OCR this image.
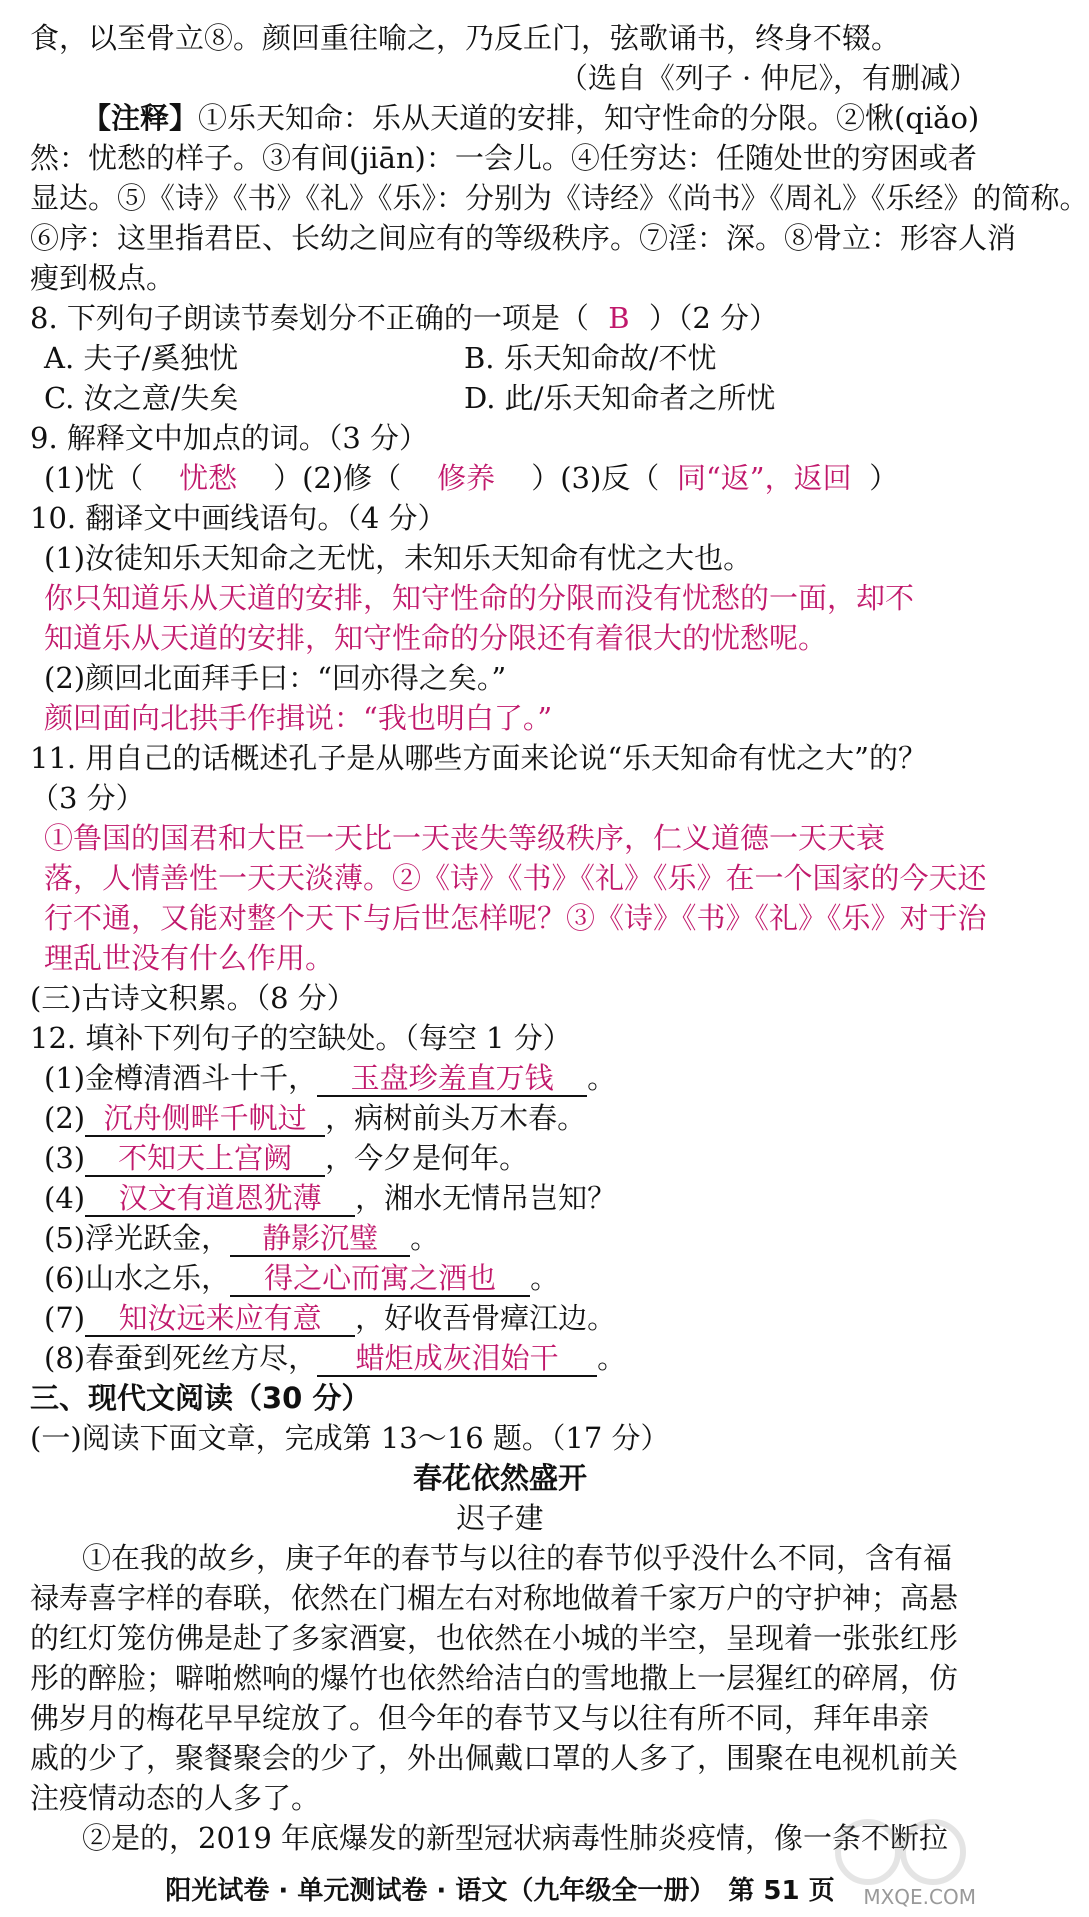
食，以至骨立⑧。颜回重往喻之，乃反丘门，弦歌诵书，终身不辍。
（选自《列子 · 仲尼》，有删减）
【注释】①乐天知命：乐从天道的安排，知守性命的分限。②愀(qiǎo)
然：忧愁的样子。③有间(jiān)：一会儿。④任穷达：任随处世的穷困或者
显达。⑤《诗》《书》《礼》《乐》：分别为《诗经》《尚书》《周礼》《乐经》的简称。
⑥序：这里指君臣、长幼之间应有的等级秩序。⑦淫：深。⑧骨立：形容人消
瘦到极点。
8. 下列句子朗读节奏划分不正确的一项是（ B ）（2 分）
A. 夫子/奚独忧	B. 乐天知命故/不忧
C. 汝之意/失矣	D. 此/乐天知命者之所忧
9. 解释文中加点的词。（3 分）
(1)忧（ 忧愁 ）(2)修（ 修养 ）(3)反（ 同“返”，返回 ）
10. 翻译文中画线语句。（4 分）
(1)汝徒知乐天知命之无忧，未知乐天知命有忧之大也。
你只知道乐从天道的安排，知守性命的分限而没有忧愁的一面，却不
知道乐从天道的安排，知守性命的分限还有着很大的忧愁呢。
(2)颜回北面拜手曰：“回亦得之矣。”
颜回面向北拱手作揖说：“我也明白了。”
11. 用自己的话概述孔子是从哪些方面来论说“乐天知命有忧之大”的？
（3 分）
①鲁国的国君和大臣一天比一天丧失等级秩序，仁义道德一天天衰
落，人情善性一天天淡薄。②《诗》《书》《礼》《乐》在一个国家的今天还
行不通，又能对整个天下与后世怎样呢？③《诗》《书》《礼》《乐》对于治
理乱世没有什么作用。
(三)古诗文积累。（8 分）
12. 填补下列句子的空缺处。（每空 1 分）
(1)金樽清酒斗十千， 玉盘珍羞直万钱 。
(2) 沉舟侧畔千帆过 ，病树前头万木春。
(3) 不知天上宫阙 ，今夕是何年。
(4) 汉文有道恩犹薄 ，湘水无情吊岂知？
(5)浮光跃金， 静影沉璧 。
(6)山水之乐， 得之心而寓之酒也 。
(7) 知汝远来应有意 ，好收吾骨瘴江边。
(8)春蚕到死丝方尽， 蜡炬成灰泪始干 。
三、现代文阅读（30 分）
(一)阅读下面文章，完成第 13～16 题。（17 分）
春花依然盛开
迟子建
①在我的故乡，庚子年的春节与以往的春节似乎没什么不同，含有福
禄寿喜字样的春联，依然在门楣左右对称地做着千家万户的守护神；高悬
的红灯笼仿佛是赴了多家酒宴，也依然在小城的半空，呈现着一张张红彤
彤的醉脸；噼啪燃响的爆竹也依然给洁白的雪地撒上一层猩红的碎屑，仿
佛岁月的梅花早早绽放了。但今年的春节又与以往有所不同，拜年串亲
戚的少了，聚餐聚会的少了，外出佩戴口罩的人多了，围聚在电视机前关
注疫情动态的人多了。
②是的，2019 年底爆发的新型冠状病毒性肺炎疫情，像一条不断拉
阳光试卷 · 单元测试卷 · 语文（九年级全一册）　第 51 页	MXQE.COM
